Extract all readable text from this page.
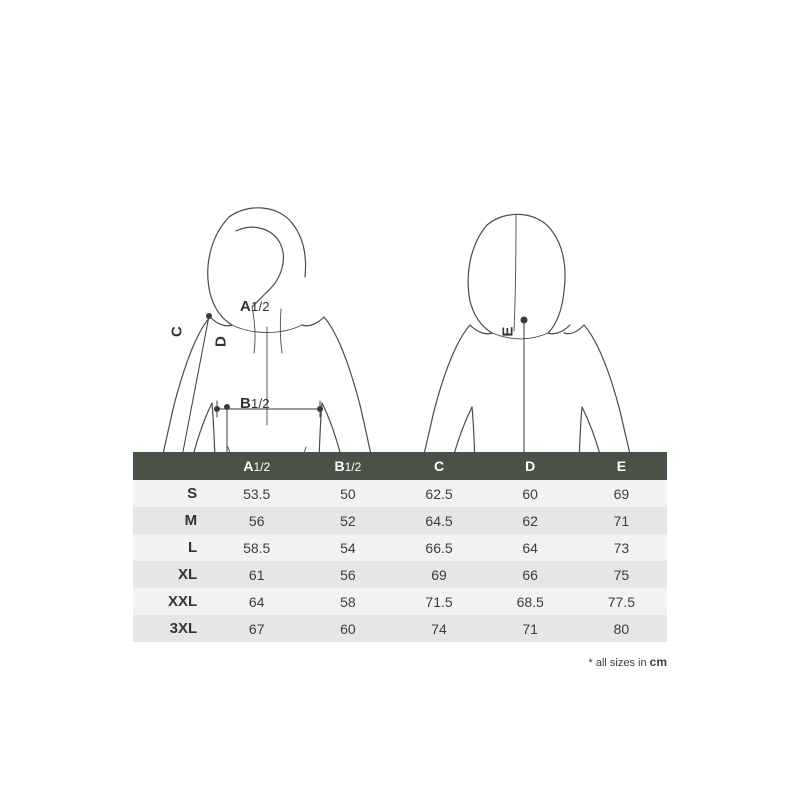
A1/2
B1/2
C
D
E
	A1/2	B1/2	C	D	E
S	53.5	50	62.5	60	69
M	56	52	64.5	62	71
L	58.5	54	66.5	64	73
XL	61	56	69	66	75
XXL	64	58	71.5	68.5	77.5
3XL	67	60	74	71	80
* all sizes in cm
